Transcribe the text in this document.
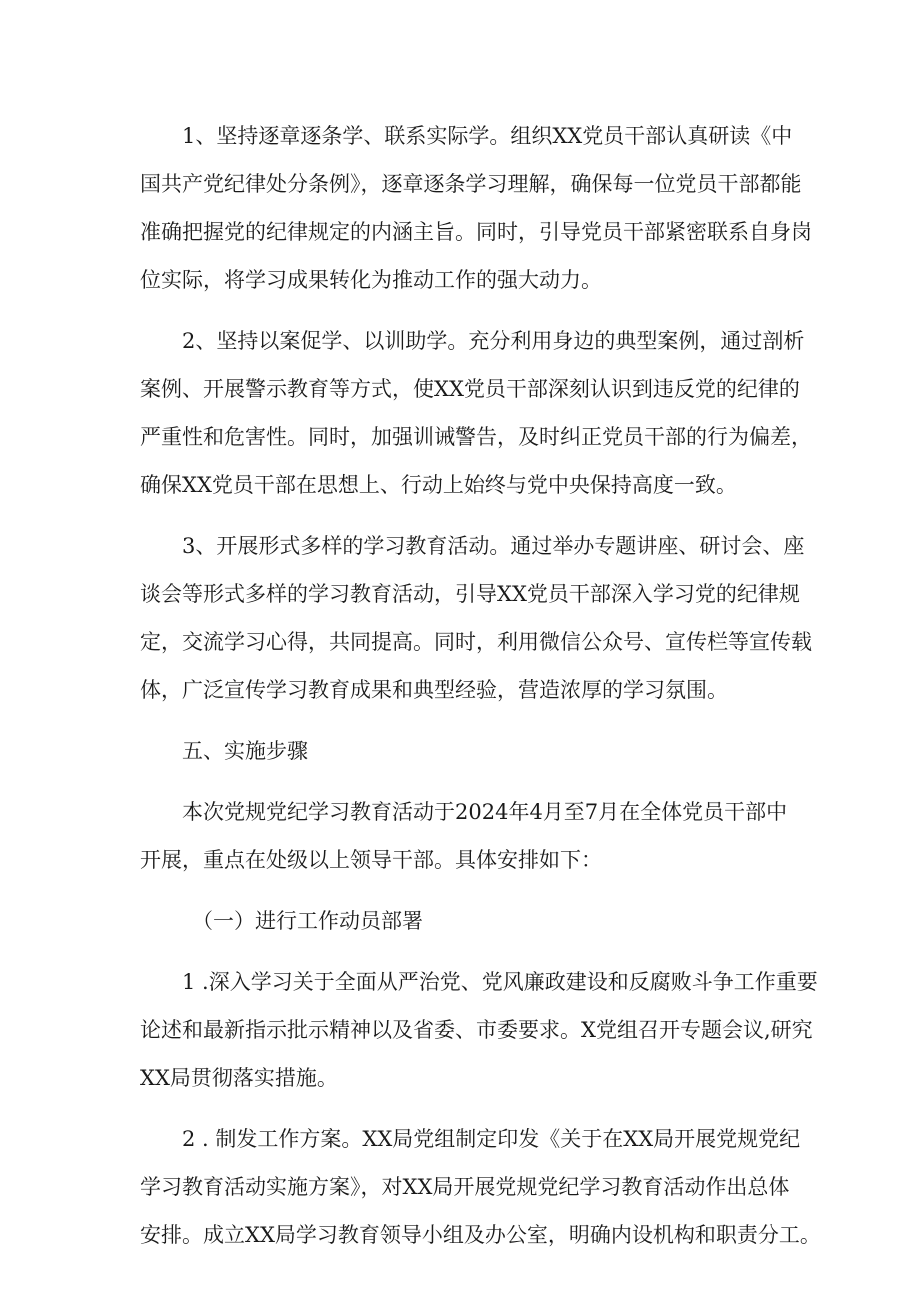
1、坚持逐章逐条学、联系实际学。组织XX党员干部认真研读《中
国共产党纪律处分条例》，逐章逐条学习理解，确保每一位党员干部都能
准确把握党的纪律规定的内涵主旨。同时，引导党员干部紧密联系自身岗
位实际，将学习成果转化为推动工作的强大动力。

2、坚持以案促学、以训助学。充分利用身边的典型案例，通过剖析
案例、开展警示教育等方式，使XX党员干部深刻认识到违反党的纪律的
严重性和危害性。同时，加强训诫警告，及时纠正党员干部的行为偏差，
确保XX党员干部在思想上、行动上始终与党中央保持高度一致。

3、开展形式多样的学习教育活动。通过举办专题讲座、研讨会、座
谈会等形式多样的学习教育活动，引导XX党员干部深入学习党的纪律规
定，交流学习心得，共同提高。同时，利用微信公众号、宣传栏等宣传载
体，广泛宣传学习教育成果和典型经验，营造浓厚的学习氛围。

五、实施步骤

本次党规党纪学习教育活动于2024年4月至7月在全体党员干部中
开展，重点在处级以上领导干部。具体安排如下：

（一）进行工作动员部署

1 .深入学习关于全面从严治党、党风廉政建设和反腐败斗争工作重要
论述和最新指示批示精神以及省委、市委要求。X党组召开专题会议,研究
XX局贯彻落实措施。

2 . 制发工作方案。XX局党组制定印发《关于在XX局开展党规党纪
学习教育活动实施方案》，对XX局开展党规党纪学习教育活动作出总体
安排。成立XX局学习教育领导小组及办公室，明确内设机构和职责分工。
